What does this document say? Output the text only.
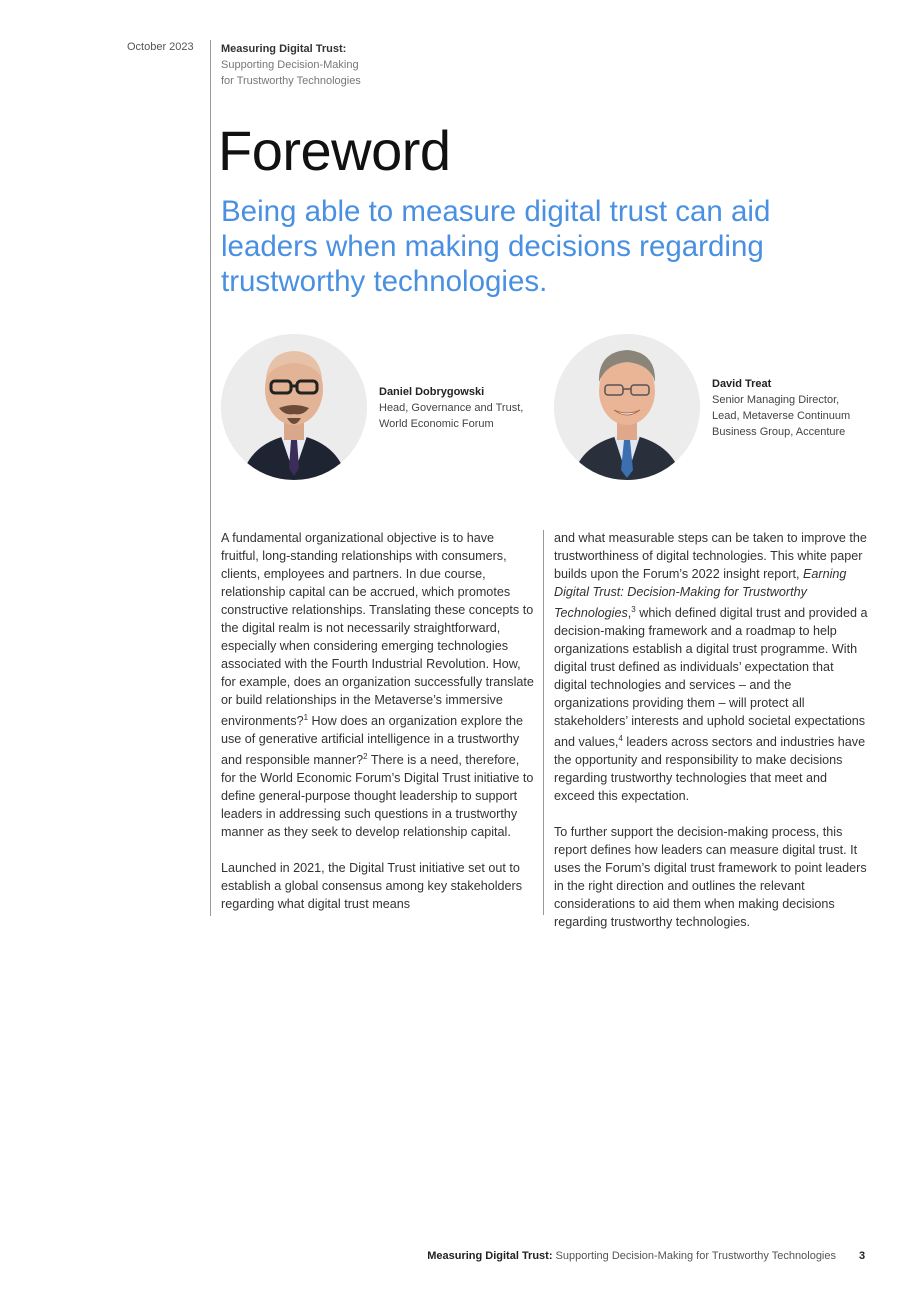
October 2023 Measuring Digital Trust:
Supporting Decision-Making
for Trustworthy Technologies
Foreword
Being able to measure digital trust can aid leaders when making decisions regarding trustworthy technologies.
Daniel Dobrygowski
Head, Governance and Trust,
World Economic Forum
David Treat
Senior Managing Director,
Lead, Metaverse Continuum
Business Group, Accenture

A fundamental organizational objective is to have fruitful, long-standing relationships with consumers, clients, employees and partners. In due course, relationship capital can be accrued, which promotes constructive relationships. Translating these concepts to the digital realm is not necessarily straightforward, especially when considering emerging technologies associated with the Fourth Industrial Revolution. How, for example, does an organization successfully translate or build relationships in the Metaverse’s immersive environments?$^1$ How does an organization explore the use of generative artificial intelligence in a trustworthy and responsible manner?$^2$ There is a need, therefore, for the World Economic Forum’s Digital Trust initiative to define general-purpose thought leadership to support leaders in addressing such questions in a trustworthy manner as they seek to develop relationship capital.

Launched in 2021, the Digital Trust initiative set out to establish a global consensus among key stakeholders regarding what digital trust means

and what measurable steps can be taken to improve the trustworthiness of digital technologies. This white paper builds upon the Forum’s 2022 insight report, Earning Digital Trust: Decision-Making for Trustworthy Technologies,$^3$ which defined digital trust and provided a decision-making framework and a roadmap to help organizations establish a digital trust programme. With digital trust defined as individuals’ expectation that digital technologies and services – and the organizations providing them – will protect all stakeholders’ interests and uphold societal expectations and values,$^4$ leaders across sectors and industries have the opportunity and responsibility to make decisions regarding trustworthy technologies that meet and exceed this expectation.

To further support the decision-making process, this report defines how leaders can measure digital trust. It uses the Forum’s digital trust framework to point leaders in the right direction and outlines the relevant considerations to aid them when making decisions regarding trustworthy technologies.

Measuring Digital Trust: Supporting Decision-Making for Trustworthy Technologies 3
